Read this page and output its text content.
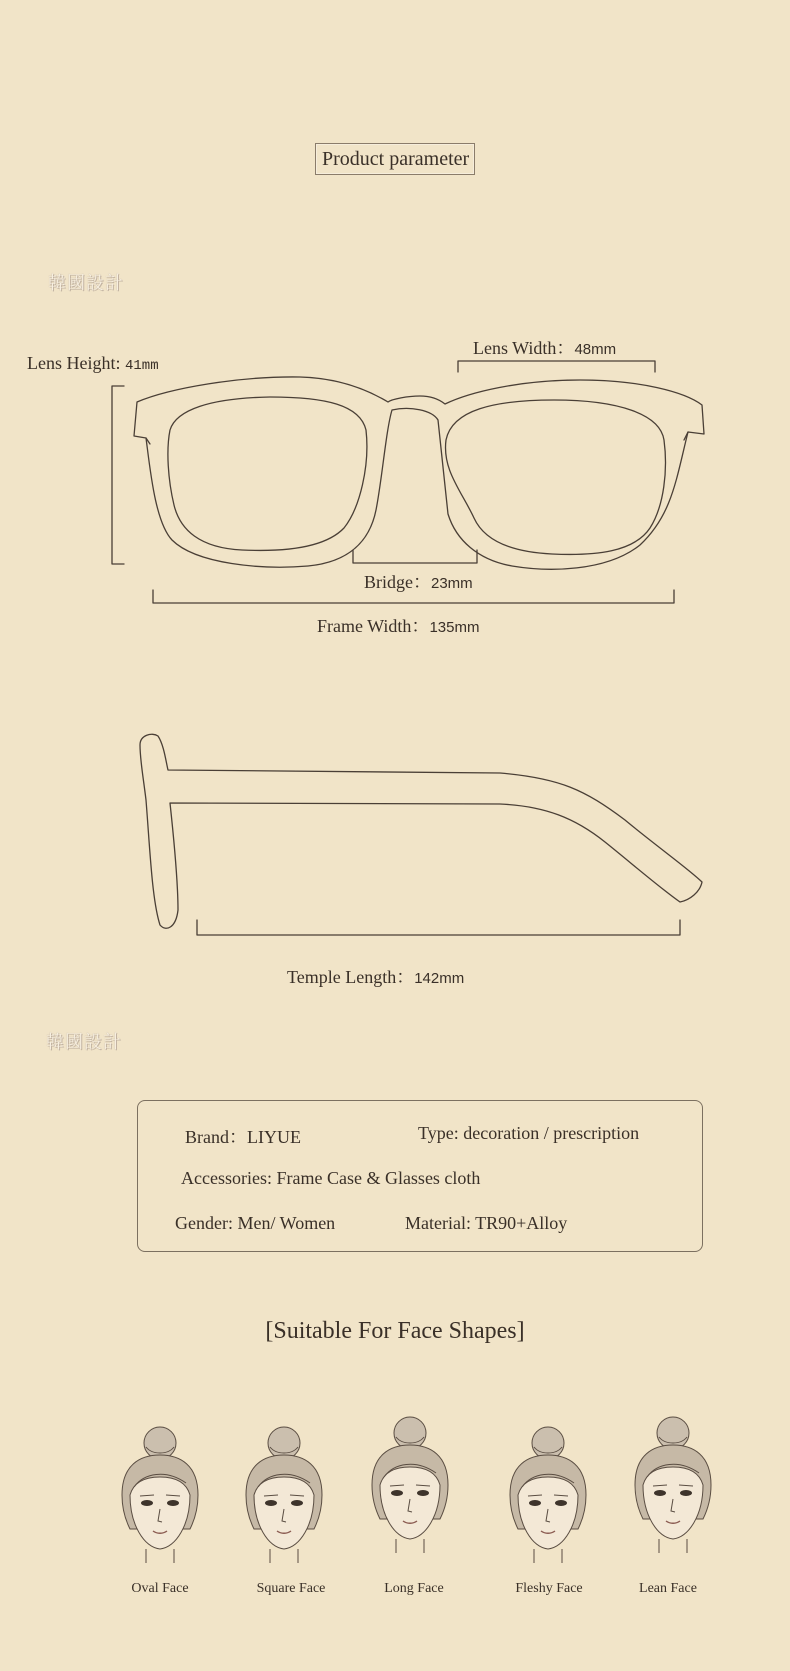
Product parameter
韓國設計
韓國設計
Lens Height: 41mm
Lens Width：48mm
Bridge：23mm
Frame Width：135mm
Temple Length：142mm
Brand：LIYUE	Type: decoration / prescription
Accessories: Frame Case & Glasses cloth
Gender: Men/ Women	Material: TR90+Alloy
[Suitable For Face Shapes]
Oval Face	Square Face	Long Face	Fleshy Face	Lean Face
